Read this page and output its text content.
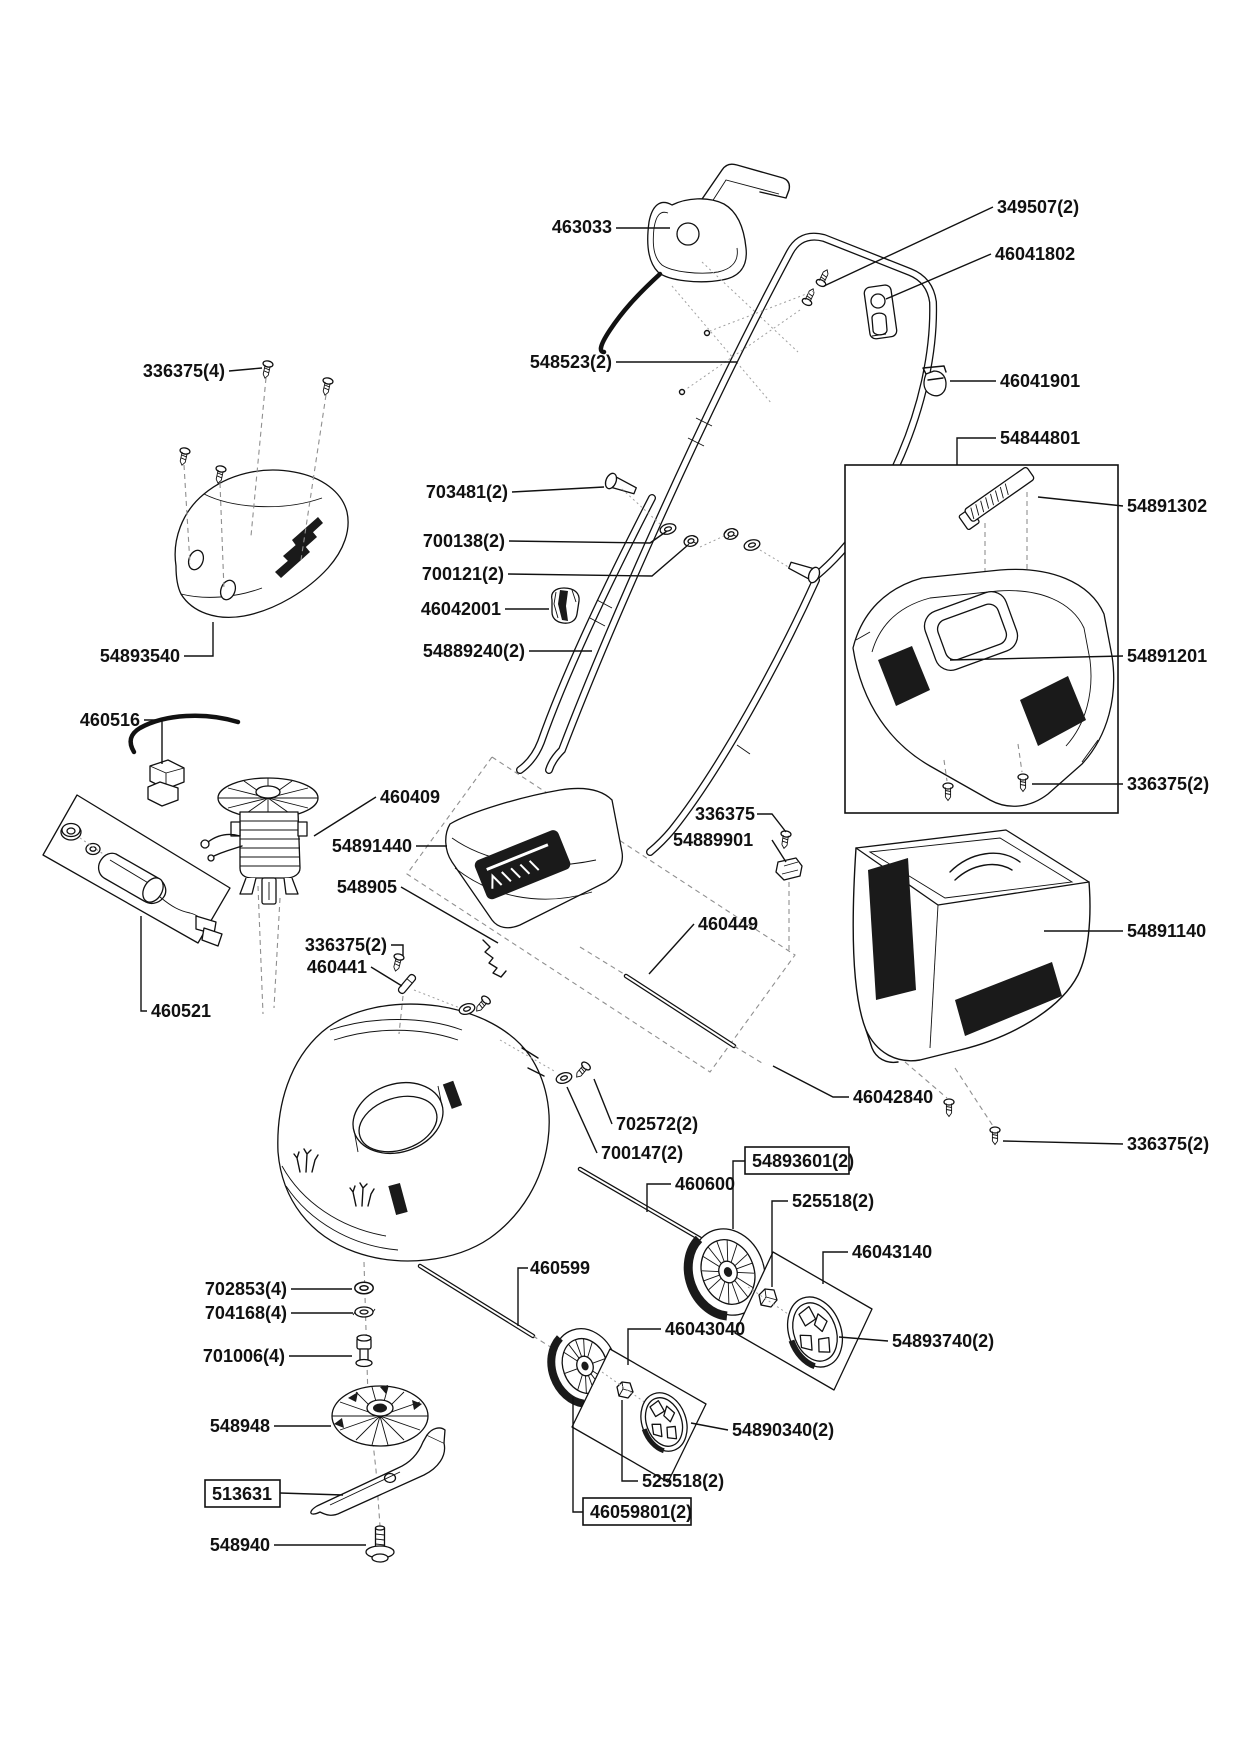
463033
349507(2)
46041802
548523(2)
46041901
54844801
54891302
54891201
336375(2)
336375(4)
54893540
703481(2)
700138(2)
700121(2)
46042001
54889240(2)
460516
460409
54891440
548905
336375
54889901
460449	54891140
336375(2)
460441
460521
46042840
702572(2)
700147(2)	336375(2)
54893601(2)
460600
525518(2)
46043140
54893740(2)
460599
46043040
54890340(2)
525518(2)
46059801(2)
513631
702853(4)
704168(4)
701006(4)
548948
548940
